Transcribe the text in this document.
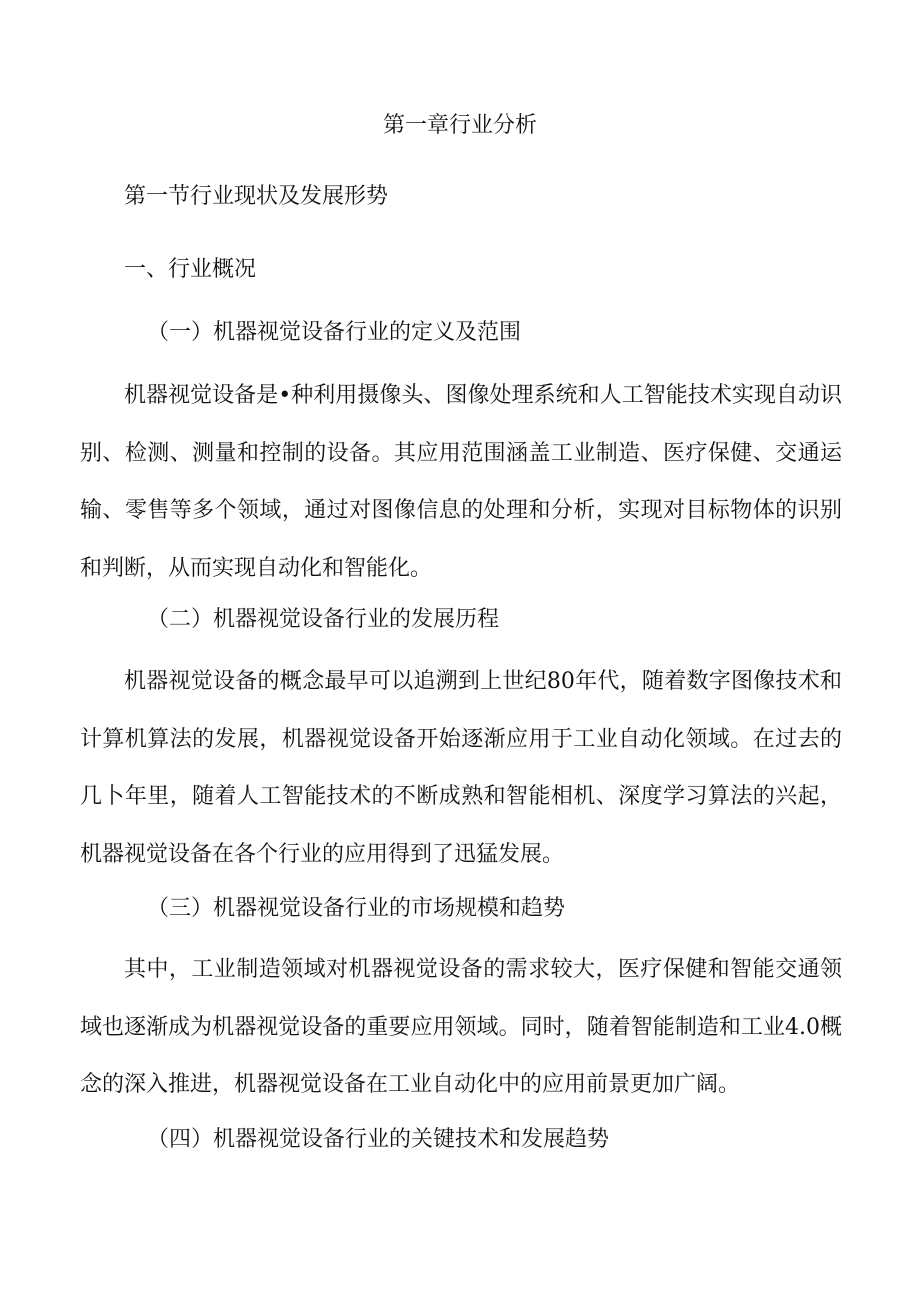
第一章行业分析
第一节行业现状及发展形势
一、行业概况
（一）机器视觉设备行业的定义及范围

机器视觉设备是•种利用摄像头、图像处理系统和人工智能技术实现自动识别、检测、测量和控制的设备。其应用范围涵盖工业制造、医疗保健、交通运输、零售等多个领域，通过对图像信息的处理和分析，实现对目标物体的识别和判断，从而实现自动化和智能化。

（二）机器视觉设备行业的发展历程

机器视觉设备的概念最早可以追溯到上世纪80年代，随着数字图像技术和计算机算法的发展，机器视觉设备开始逐渐应用于工业自动化领域。在过去的几卜年里，随着人工智能技术的不断成熟和智能相机、深度学习算法的兴起，机器视觉设备在各个行业的应用得到了迅猛发展。

（三）机器视觉设备行业的市场规模和趋势

其中，工业制造领域对机器视觉设备的需求较大，医疗保健和智能交通领域也逐渐成为机器视觉设备的重要应用领域。同时，随着智能制造和工业4.0概念的深入推进，机器视觉设备在工业自动化中的应用前景更加广阔。

（四）机器视觉设备行业的关键技术和发展趋势
